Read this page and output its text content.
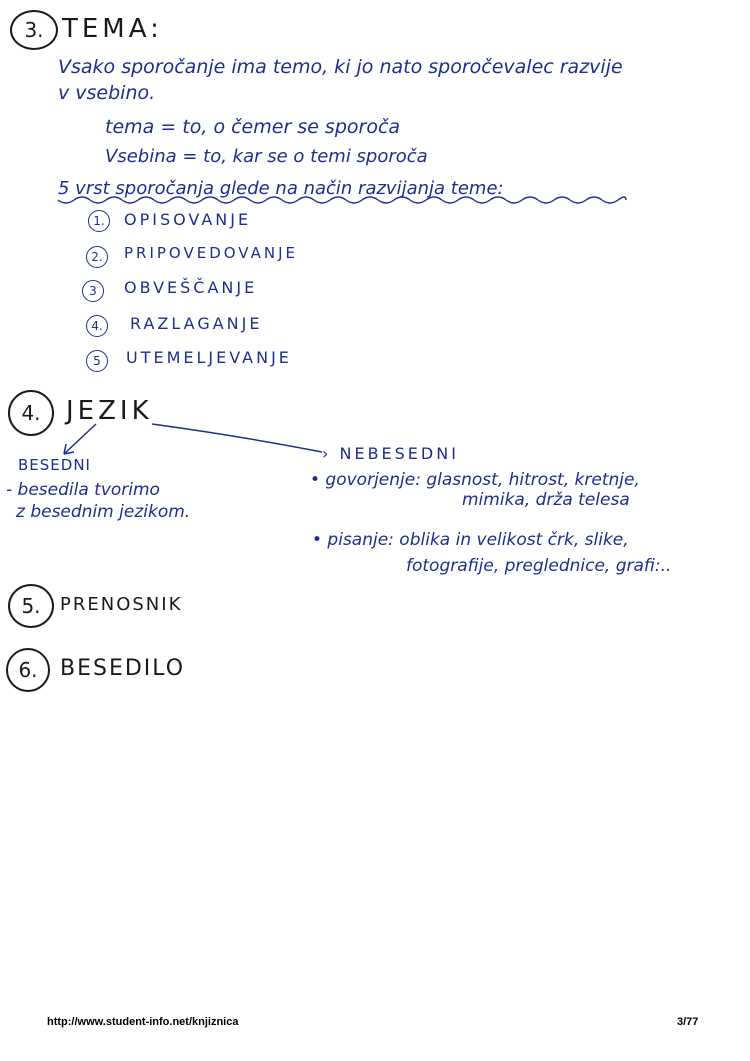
3. TEMA:
Vsako sporočanje ima temo, ki jo nato sporočevalec razvije
v vsebino.
tema = to, o čemer se sporoča
Vsebina = to, kar se o temi sporoča
5 vrst sporočanja glede na način razvijanja teme:
1. OPISOVANJE
2. PRIPOVEDOVANJE
3 OBVEŠČANJE
4. RAZLAGANJE
5 UTEMELJEVANJE
4. JEZIK
BESEDNI
- besedila tvorimo
z besednim jezikom.
› NEBESEDNI
• govorjenje: glasnost, hitrost, kretnje,
mimika, drža telesa
• pisanje: oblika in velikost črk, slike,
fotografije, preglednice, grafi:..
5. PRENOSNIK
6. BESEDILO
http://www.student-info.net/knjiznica	3/77
